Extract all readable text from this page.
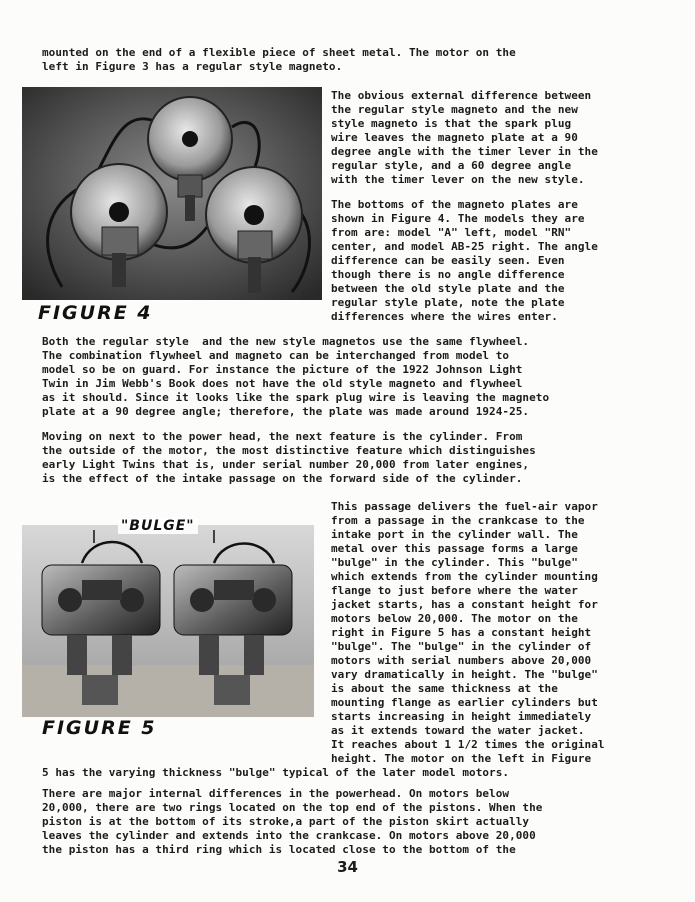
mounted on the end of a flexible piece of sheet metal. The motor on the
left in Figure 3 has a regular style magneto.
FIGURE 4
The obvious external difference between
the regular style magneto and the new
style magneto is that the spark plug
wire leaves the magneto plate at a 90
degree angle with the timer lever in the
regular style, and a 60 degree angle
with the timer lever on the new style.
The bottoms of the magneto plates are
shown in Figure 4. The models they are
from are: model "A" left, model "RN"
center, and model AB-25 right. The angle
difference can be easily seen. Even
though there is no angle difference
between the old style plate and the
regular style plate, note the plate
differences where the wires enter.
Both the regular style  and the new style magnetos use the same flywheel.
The combination flywheel and magneto can be interchanged from model to
model so be on guard. For instance the picture of the 1922 Johnson Light
Twin in Jim Webb's Book does not have the old style magneto and flywheel
as it should. Since it looks like the spark plug wire is leaving the magneto
plate at a 90 degree angle; therefore, the plate was made around 1924-25.
Moving on next to the power head, the next feature is the cylinder. From
the outside of the motor, the most distinctive feature which distinguishes
early Light Twins that is, under serial number 20,000 from later engines,
is the effect of the intake passage on the forward side of the cylinder.
"BULGE"
FIGURE 5
This passage delivers the fuel-air vapor
from a passage in the crankcase to the
intake port in the cylinder wall. The
metal over this passage forms a large
"bulge" in the cylinder. This "bulge"
which extends from the cylinder mounting
flange to just before where the water
jacket starts, has a constant height for
motors below 20,000. The motor on the
right in Figure 5 has a constant height
"bulge". The "bulge" in the cylinder of
motors with serial numbers above 20,000
vary dramatically in height. The "bulge"
is about the same thickness at the
mounting flange as earlier cylinders but
starts increasing in height immediately
as it extends toward the water jacket.
It reaches about 1 1/2 times the original
height. The motor on the left in Figure
5 has the varying thickness "bulge" typical of the later model motors.
There are major internal differences in the powerhead. On motors below
20,000, there are two rings located on the top end of the pistons. When the
piston is at the bottom of its stroke,a part of the piston skirt actually
leaves the cylinder and extends into the crankcase. On motors above 20,000
the piston has a third ring which is located close to the bottom of the
34
